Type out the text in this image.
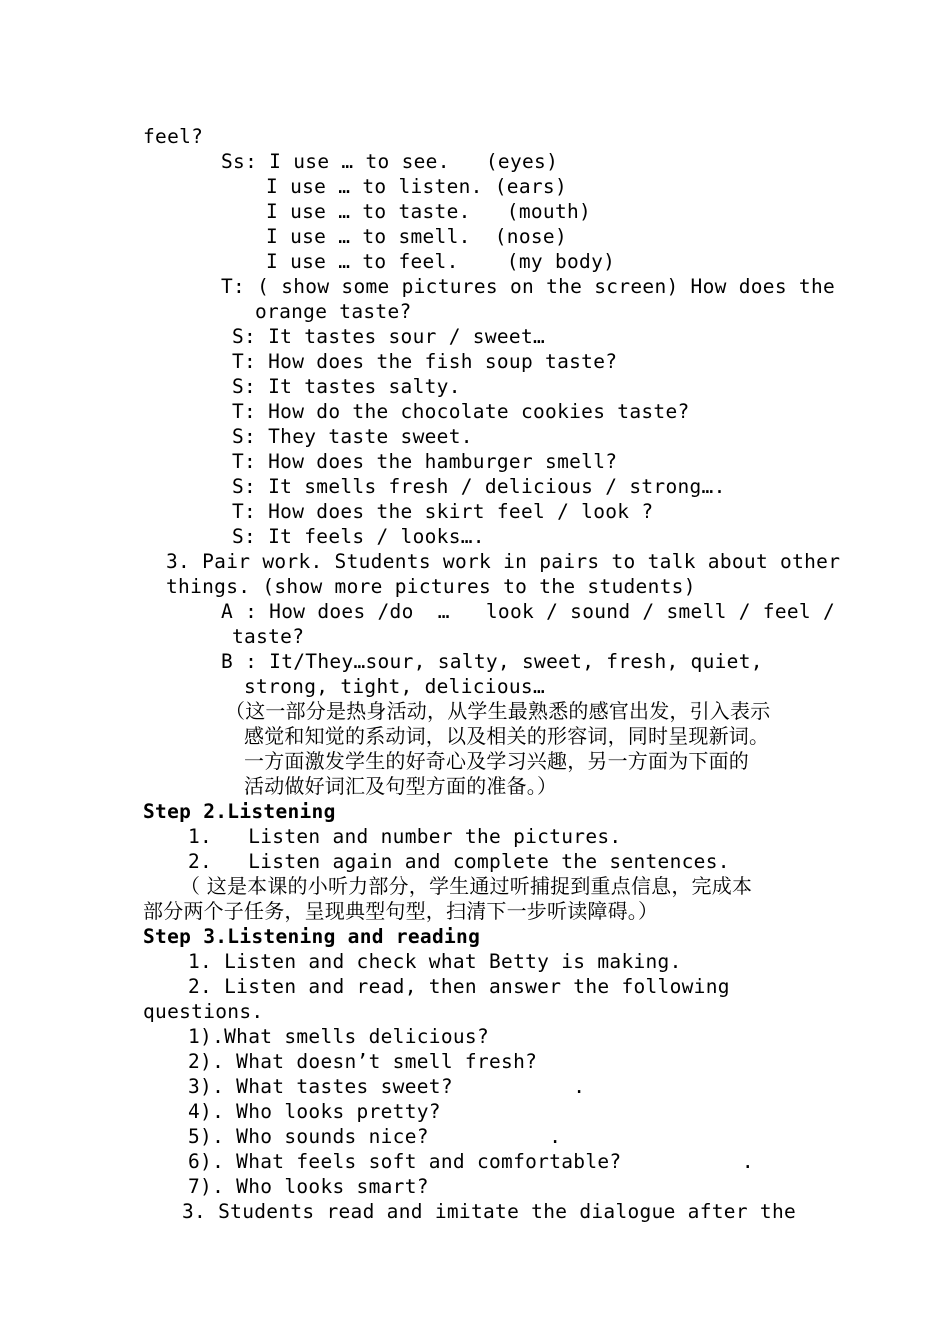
feel?
Ss: I use … to see.   (eyes)
I use … to listen. (ears)
I use … to taste.   (mouth)
I use … to smell.  (nose)
I use … to feel.    (my body)
T: ( show some pictures on the screen) How does the
orange taste?
S: It tastes sour / sweet…
T: How does the fish soup taste?
S: It tastes salty.
T: How do the chocolate cookies taste?
S: They taste sweet.
T: How does the hamburger smell?
S: It smells fresh / delicious / strong….
T: How does the skirt feel / look ?
S: It feels / looks….
3. Pair work. Students work in pairs to talk about other
things. (show more pictures to the students)
A : How does /do  …   look / sound / smell / feel /
taste?
B : It/They…sour, salty, sweet, fresh, quiet,
strong, tight, delicious…
（这一部分是热身活动，从学生最熟悉的感官出发，引入表示
感觉和知觉的系动词，以及相关的形容词，同时呈现新词。
一方面激发学生的好奇心及学习兴趣，另一方面为下面的
活动做好词汇及句型方面的准备。）
Step 2.Listening
1.   Listen and number the pictures.
2.   Listen again and complete the sentences.
（ 这是本课的小听力部分，学生通过听捕捉到重点信息，完成本
部分两个子任务，呈现典型句型，扫清下一步听读障碍。）
Step 3.Listening and reading
1. Listen and check what Betty is making.
2. Listen and read, then answer the following
questions.
1).What smells delicious?
2). What doesn’t smell fresh?
3). What tastes sweet?          .
4). Who looks pretty?
5). Who sounds nice?          .
6). What feels soft and comfortable?          .
7). Who looks smart?
3. Students read and imitate the dialogue after the
